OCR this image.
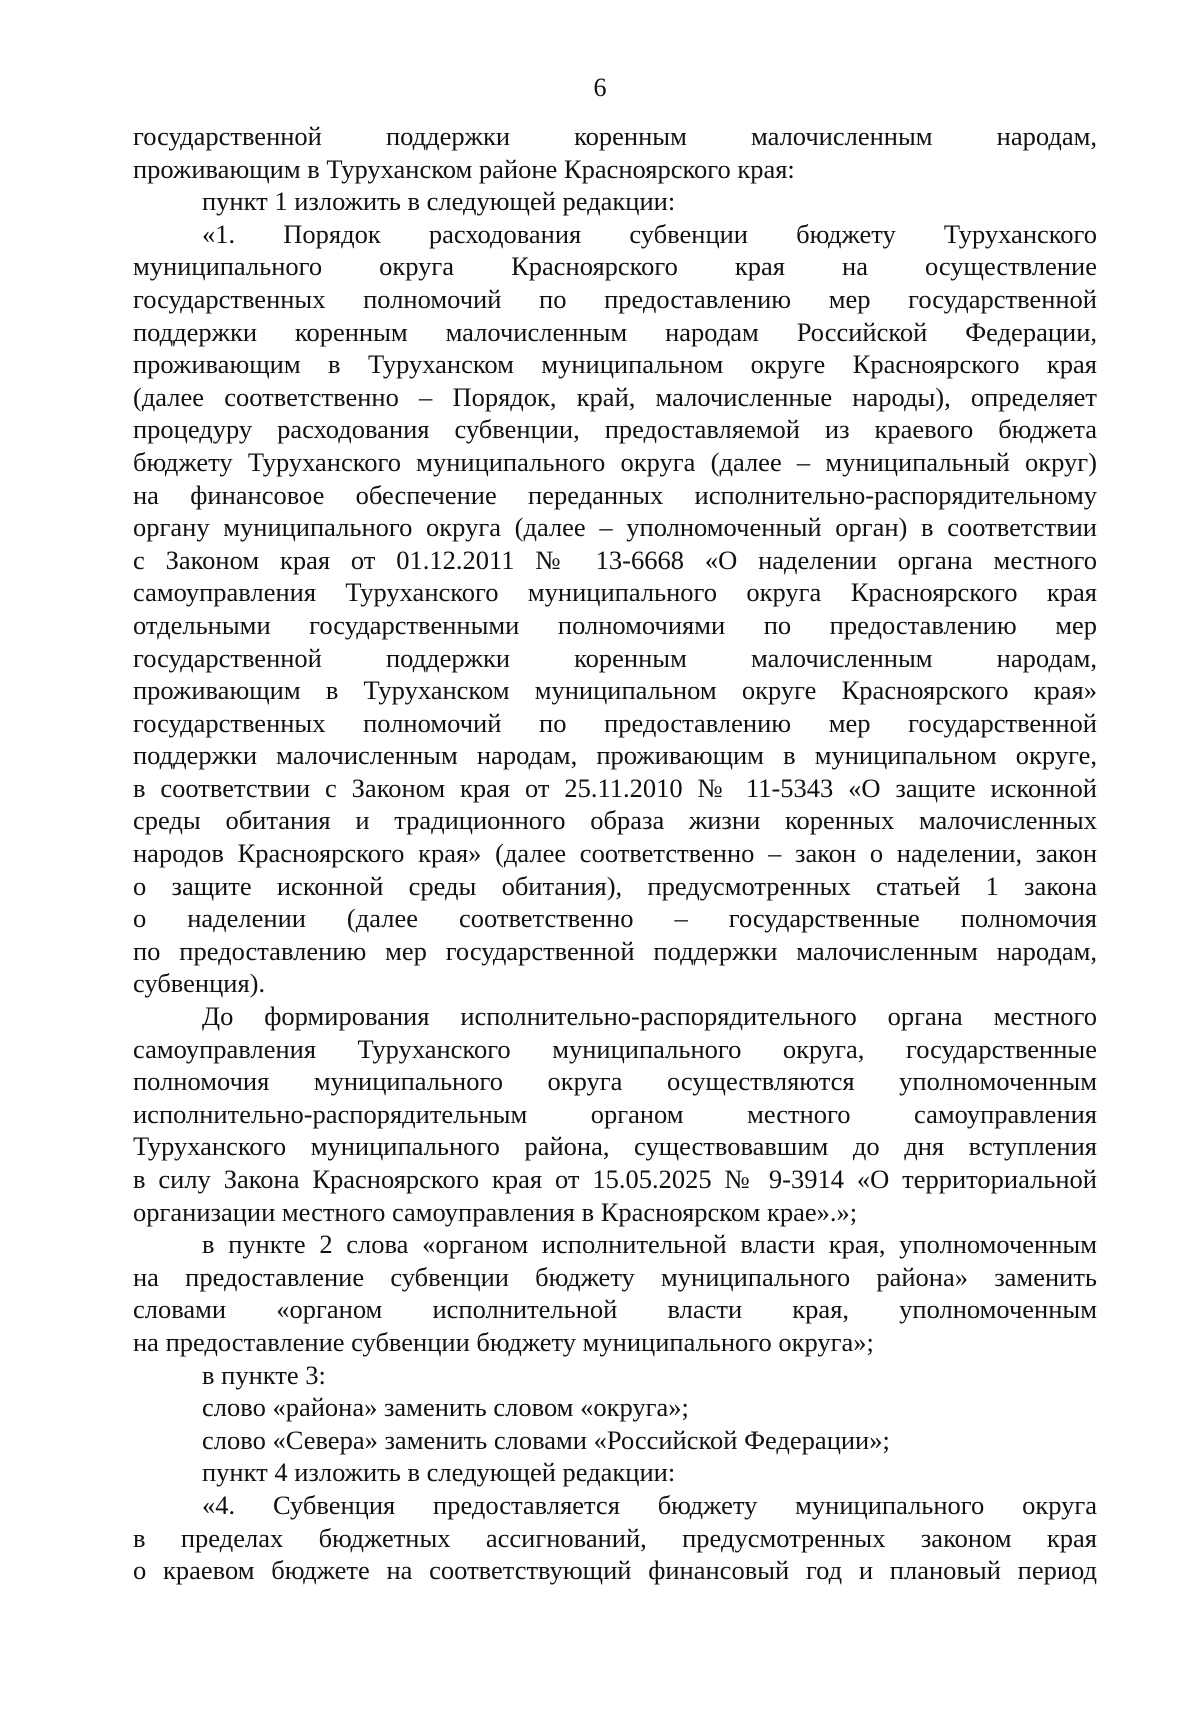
6
государственной поддержки коренным малочисленным народам,
проживающим в Туруханском районе Красноярского края:
пункт 1 изложить в следующей редакции:
«1. Порядок расходования субвенции бюджету Туруханского
муниципального округа Красноярского края на осуществление
государственных полномочий по предоставлению мер государственной
поддержки коренным малочисленным народам Российской Федерации,
проживающим в Туруханском муниципальном округе Красноярского края
(далее соответственно – Порядок, край, малочисленные народы), определяет
процедуру расходования субвенции, предоставляемой из краевого бюджета
бюджету Туруханского муниципального округа (далее – муниципальный округ)
на финансовое обеспечение переданных исполнительно-распорядительному
органу муниципального округа (далее – уполномоченный орган) в соответствии
с Законом края от 01.12.2011 № 13-6668 «О наделении органа местного
самоуправления Туруханского муниципального округа Красноярского края
отдельными государственными полномочиями по предоставлению мер
государственной поддержки коренным малочисленным народам,
проживающим в Туруханском муниципальном округе Красноярского края»
государственных полномочий по предоставлению мер государственной
поддержки малочисленным народам, проживающим в муниципальном округе,
в соответствии с Законом края от 25.11.2010 № 11-5343 «О защите исконной
среды обитания и традиционного образа жизни коренных малочисленных
народов Красноярского края» (далее соответственно – закон о наделении, закон
о защите исконной среды обитания), предусмотренных статьей 1 закона
о наделении (далее соответственно – государственные полномочия
по предоставлению мер государственной поддержки малочисленным народам,
субвенция).
До формирования исполнительно-распорядительного органа местного
самоуправления Туруханского муниципального округа, государственные
полномочия муниципального округа осуществляются уполномоченным
исполнительно-распорядительным органом местного самоуправления
Туруханского муниципального района, существовавшим до дня вступления
в силу Закона Красноярского края от 15.05.2025 № 9-3914 «О территориальной
организации местного самоуправления в Красноярском крае».»;
в пункте 2 слова «органом исполнительной власти края, уполномоченным
на предоставление субвенции бюджету муниципального района» заменить
словами «органом исполнительной власти края, уполномоченным
на предоставление субвенции бюджету муниципального округа»;
в пункте 3:
слово «района» заменить словом «округа»;
слово «Севера» заменить словами «Российской Федерации»;
пункт 4 изложить в следующей редакции:
«4. Субвенция предоставляется бюджету муниципального округа
в пределах бюджетных ассигнований, предусмотренных законом края
о краевом бюджете на соответствующий финансовый год и плановый период
